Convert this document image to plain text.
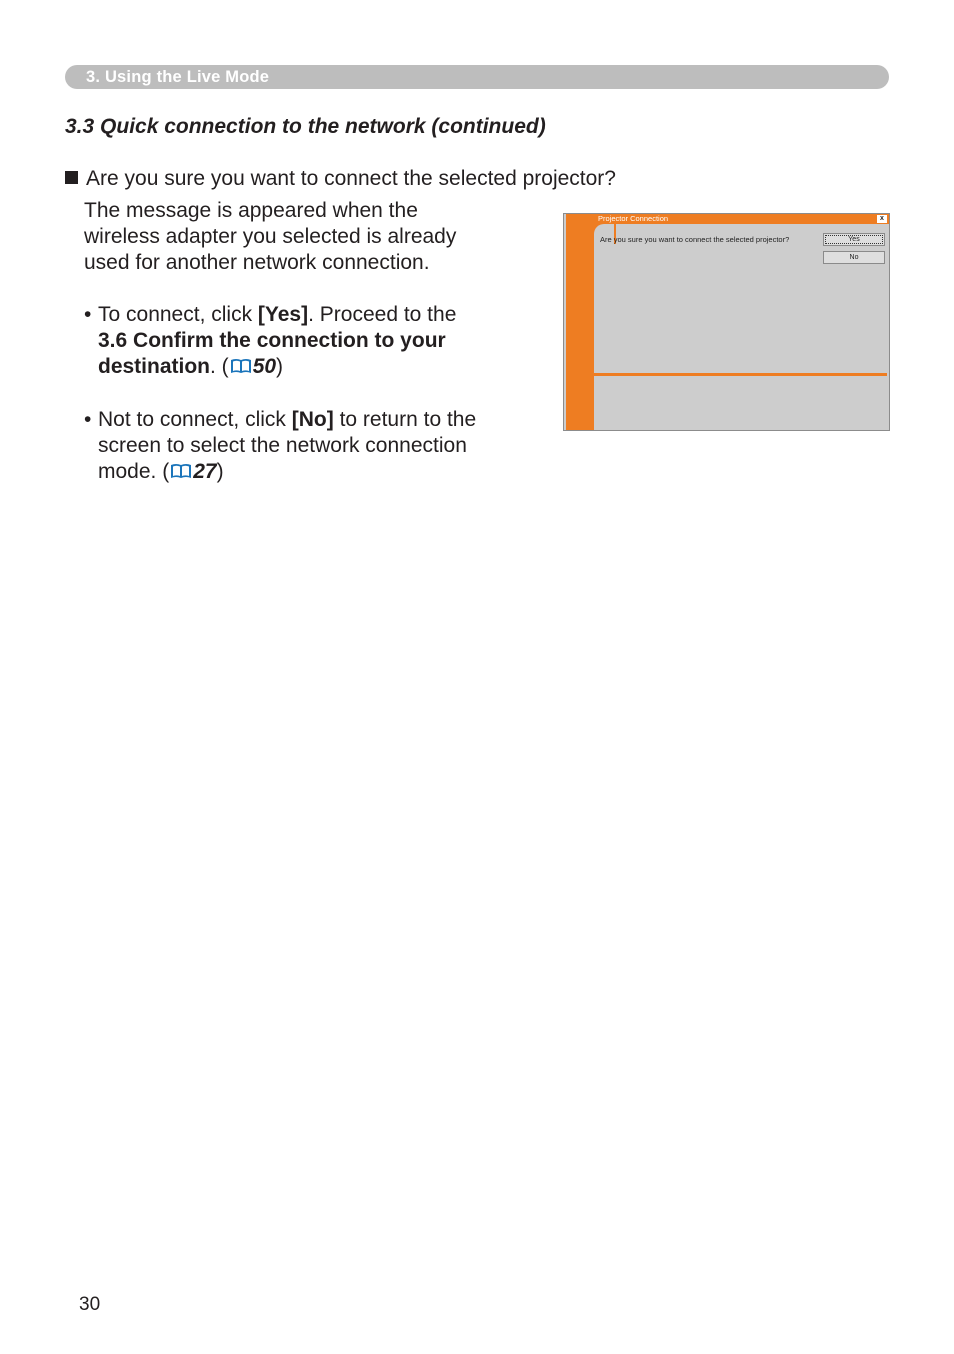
3. Using the Live Mode
3.3 Quick connection to the network (continued)
Are you sure you want to connect the selected projector?
The message is appeared when the
wireless adapter you selected is already
used for another network connection.
• To connect, click [Yes]. Proceed to the
3.6 Confirm the connection to your
destination. ( 50)
• Not to connect, click [No] to return to the
screen to select the network connection
mode. ( 27)
Projector Connection	x
Are you sure you want to connect the selected projector?	Yes
No
30
